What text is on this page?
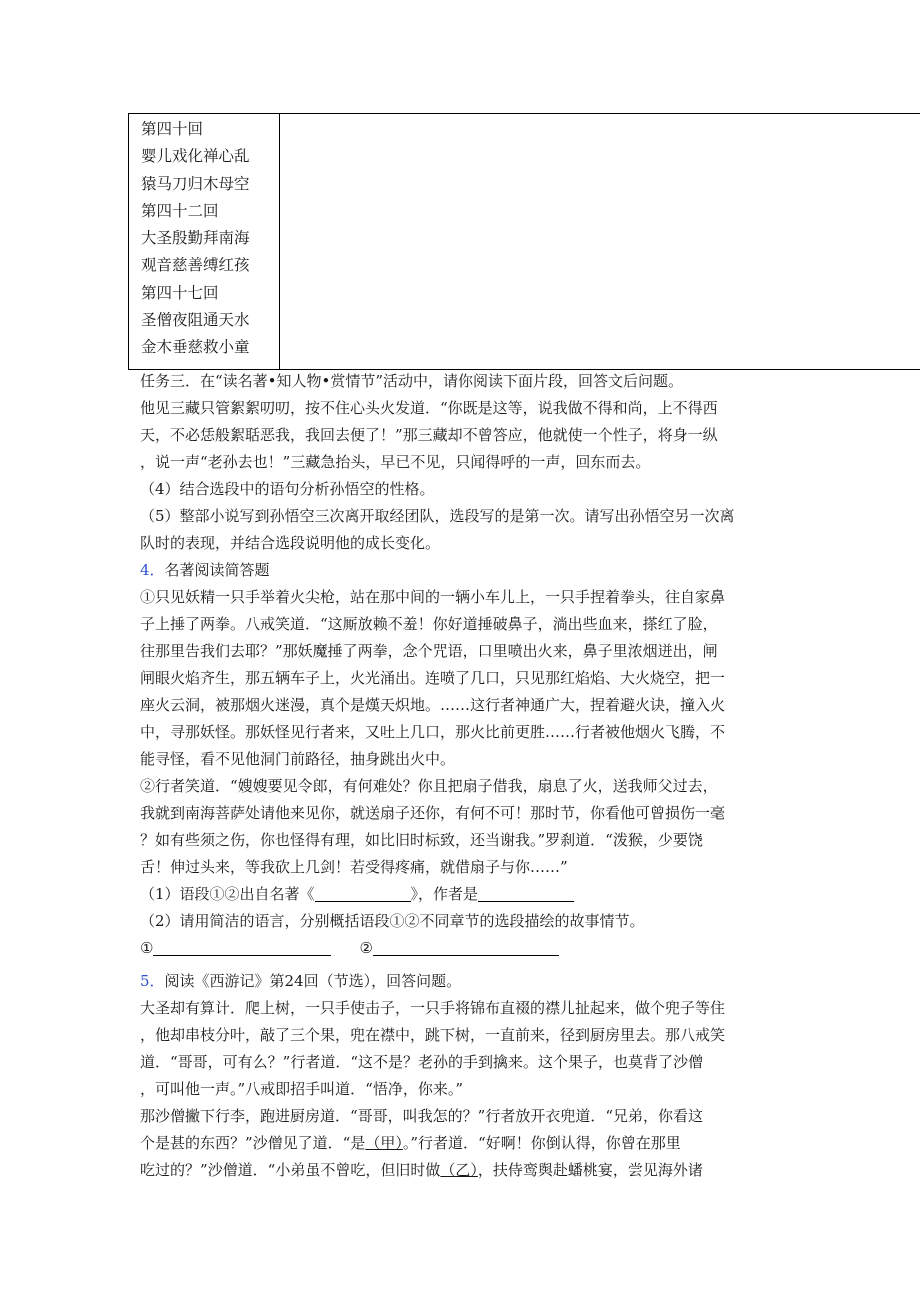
第四十回
婴儿戏化禅心乱
猿马刀归木母空
第四十二回
大圣殷勤拜南海
观音慈善缚红孩
第四十七回
圣僧夜阻通天水
金木垂慈救小童
任务三．在“读名著•知人物•赏情节”活动中，请你阅读下面片段，回答文后问题。
他见三藏只管絮絮叨叨，按不住心头火发道．“你既是这等，说我做不得和尚，上不得西
天，不必恁般絮聒恶我，我回去便了！”那三藏却不曾答应，他就使一个性子，将身一纵
，说一声“老孙去也！”三藏急抬头，早已不见，只闻得呼的一声，回东而去。
（4）结合选段中的语句分析孙悟空的性格。
（5）整部小说写到孙悟空三次离开取经团队，选段写的是第一次。请写出孙悟空另一次离
队时的表现，并结合选段说明他的成长变化。
4．名著阅读简答题
①只见妖精一只手举着火尖枪，站在那中间的一辆小车儿上，一只手捏着拳头，往自家鼻
子上捶了两拳。八戒笑道．“这厮放赖不羞！你好道捶破鼻子，淌出些血来，搽红了脸，
往那里告我们去耶？”那妖魔捶了两拳，念个咒语，口里喷出火来，鼻子里浓烟迸出，闸
闸眼火焰齐生，那五辆车子上，火光涌出。连喷了几口，只见那红焰焰、大火烧空，把一
座火云洞，被那烟火迷漫，真个是熯天炽地。……这行者神通广大，捏着避火诀，撞入火
中，寻那妖怪。那妖怪见行者来，又吐上几口，那火比前更胜……行者被他烟火飞腾，不
能寻怪，看不见他洞门前路径，抽身跳出火中。
②行者笑道．“嫂嫂要见令郎，有何难处？你且把扇子借我，扇息了火，送我师父过去，
我就到南海菩萨处请他来见你，就送扇子还你，有何不可！那时节，你看他可曾损伤一毫
？如有些须之伤，你也怪得有理，如比旧时标致，还当谢我。”罗刹道．“泼猴，少要饶
舌！伸过头来，等我砍上几剑！若受得疼痛，就借扇子与你……”
（1）语段①②出自名著《	》，作者是
（2）请用简洁的语言，分别概括语段①②不同章节的选段描绘的故事情节。
①	②
5．阅读《西游记》第24回（节选），回答问题。
大圣却有算计．爬上树，一只手使击子，一只手将锦布直裰的襟儿扯起来，做个兜子等住
，他却串枝分叶，敲了三个果，兜在襟中，跳下树，一直前来，径到厨房里去。那八戒笑
道．“哥哥，可有么？”行者道．“这不是？老孙的手到擒来。这个果子，也莫背了沙僧
，可叫他一声。”八戒即招手叫道．“悟净，你来。”
那沙僧撇下行李，跑进厨房道．“哥哥，叫我怎的？”行者放开衣兜道．“兄弟，你看这
个是甚的东西？”沙僧见了道．“是（甲）。”行者道．“好啊！你倒认得，你曾在那里
吃过的？”沙僧道．“小弟虽不曾吃，但旧时做（乙），扶侍鸾舆赴蟠桃宴，尝见海外诸
